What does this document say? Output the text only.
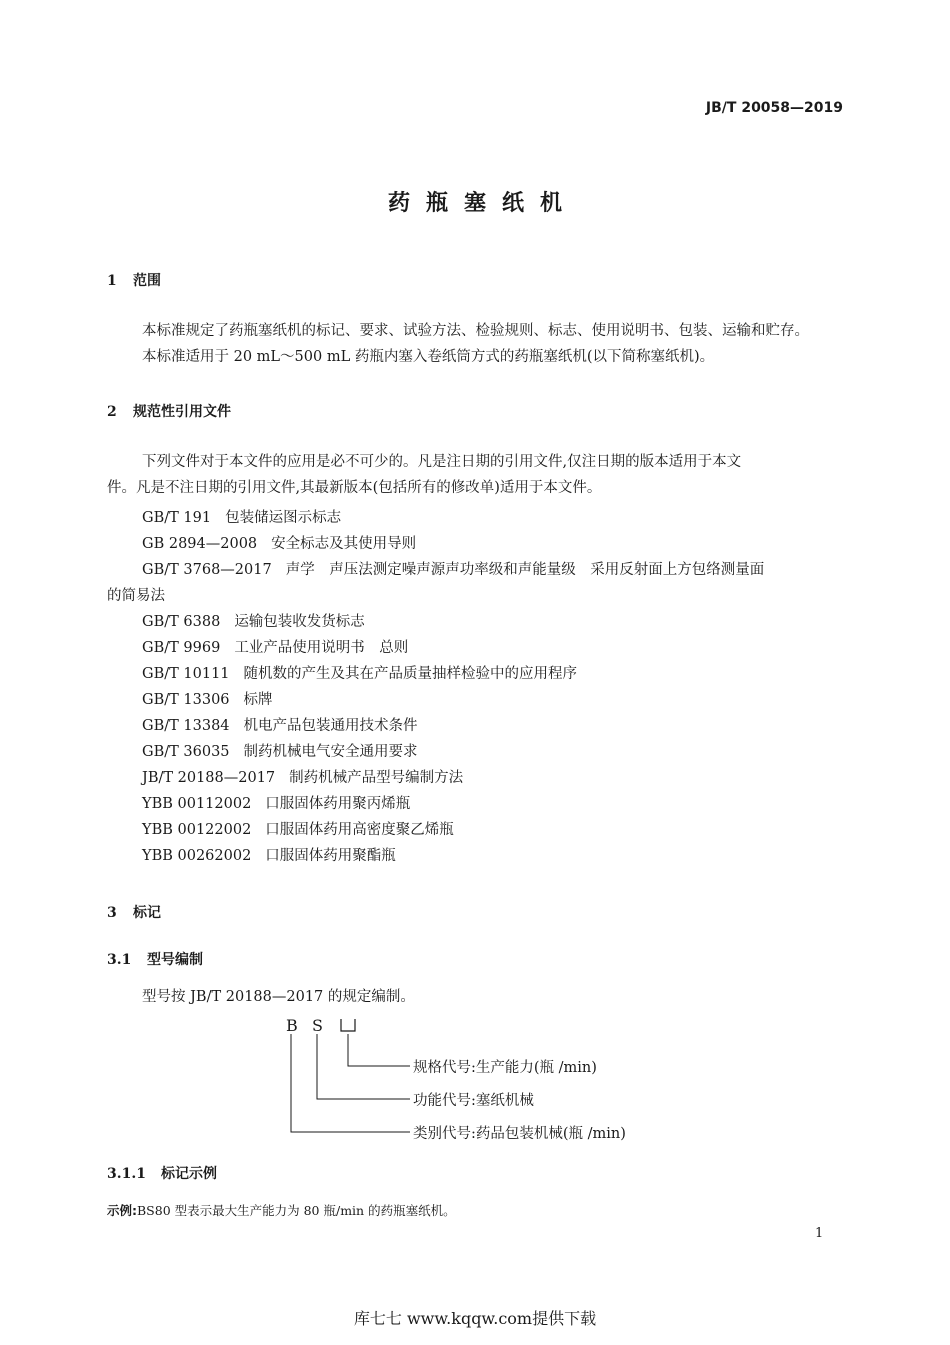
JB/T 20058—2019
药瓶塞纸机
1 范围
本标准规定了药瓶塞纸机的标记、要求、试验方法、检验规则、标志、使用说明书、包装、运输和贮存。
本标准适用于 20 mL～500 mL 药瓶内塞入卷纸筒方式的药瓶塞纸机(以下简称塞纸机)。
2 规范性引用文件
下列文件对于本文件的应用是必不可少的。凡是注日期的引用文件,仅注日期的版本适用于本文
件。凡是不注日期的引用文件,其最新版本(包括所有的修改单)适用于本文件。
GB/T 191 包装储运图示标志
GB 2894—2008 安全标志及其使用导则
GB/T 3768—2017 声学　声压法测定噪声源声功率级和声能量级　采用反射面上方包络测量面
的简易法
GB/T 6388 运输包装收发货标志
GB/T 9969 工业产品使用说明书　总则
GB/T 10111 随机数的产生及其在产品质量抽样检验中的应用程序
GB/T 13306 标牌
GB/T 13384 机电产品包装通用技术条件
GB/T 36035 制药机械电气安全通用要求
JB/T 20188—2017 制药机械产品型号编制方法
YBB 00112002 口服固体药用聚丙烯瓶
YBB 00122002 口服固体药用高密度聚乙烯瓶
YBB 00262002 口服固体药用聚酯瓶
3 标记
3.1 型号编制
型号按 JB/T 20188—2017 的规定编制。
B S
规格代号:生产能力(瓶 /min)
功能代号:塞纸机械
类别代号:药品包装机械(瓶 /min)
3.1.1 标记示例
示例:BS80 型表示最大生产能力为 80 瓶/min 的药瓶塞纸机。
1
库七七 www.kqqw.com提供下载
